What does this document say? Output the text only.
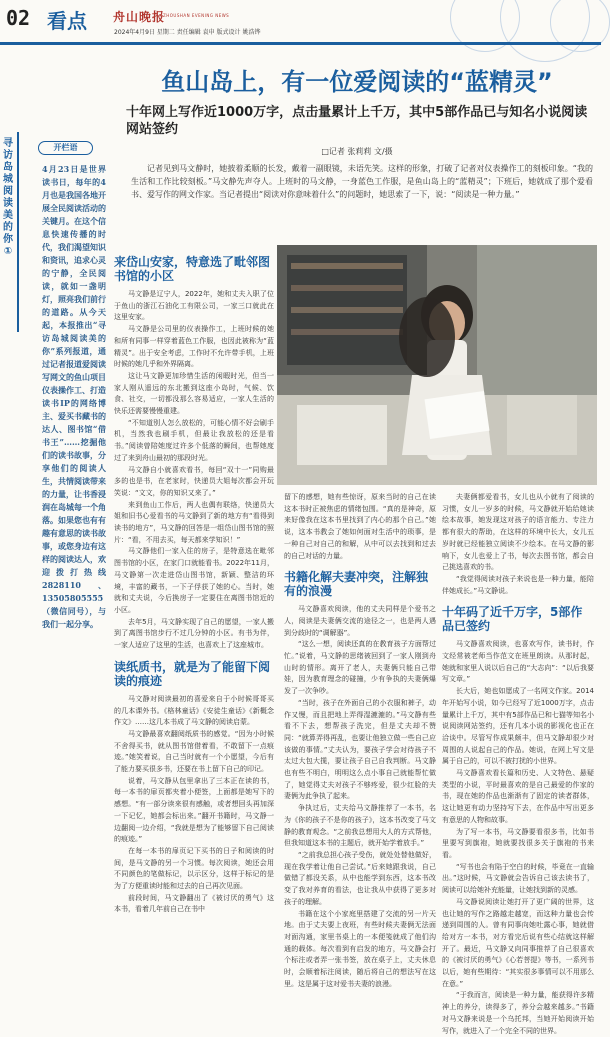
02 看点 舟山晚报
ZHOUSHAN EVENING NEWS
2024年4月9日 星期二 责任编辑 袁申 版式设计 姚浩铧
寻访岛城阅读美的你①
开栏语
4月23日是世界读书日，每年的4月也是我国各地开展全民阅读活动的关键月。在这个信息快速传播的时代，我们渴望知识和资讯，追求心灵的宁静，全民阅读，就如一盏明灯，照亮我们前行的道路。从今天起，本报推出“寻访岛城阅读美的你”系列报道，通过记者报道爱阅读写网文的鱼山项目仪表操作工、打造读书IP的网络博主、爱买书藏书的达人、图书馆“借书王”……挖掘他们的读书故事，分享他们的阅读人生，共情阅读带来的力量，让书香浸润在岛城每一个角落。如果您也有有趣有意思的读书故事，或您身边有这样的阅读达人，欢迎拨打热线2828110、13505805555（微信同号），与我们一起分享。
鱼山岛上，有一位爱阅读的“蓝精灵”
十年网上写作近1000万字，点击量累计上千万，其中5部作品已与知名小说阅读网站签约
□记者 张莉莉 文/摄
记者见到马文静时，她披着柔顺的长发，戴着一副眼镜，未语先笑。这样的形象，打破了记者对仪表操作工的刻板印象。“我的生活和工作比较刻板。”马文静先声夺人。上班时的马文静，一身蓝色工作服，是鱼山岛上的“蓝精灵”；下班后，她就成了那个爱看书、爱写作的网文作家。当记者提出“阅读对你意味着什么”的问题时，她思索了一下，说：“阅读是一种力量。”
来岱山安家，特意选了毗邻图书馆的小区

马文静是辽宁人，2022年，她和丈夫入职了位于鱼山的浙江石油化工有限公司，一家三口就此在这里安家。

马文静是公司里的仪表操作工，上班时候的她和所有同事一样穿着蓝色工作服，也因此被称为“蓝精灵”。出于安全考虑，工作时不允许带手机，上班时候的她几乎和外界隔离。

这让马文静更加珍惜生活的闲暇时光，但当一家人刚从遥远的东北搬到这座小岛时，气候、饮食、社交，一切都没那么容易适应，一家人生活的快乐还需要慢慢重建。

“不知道别人怎么放松的，可能心情不好会刷手机，当然我也刷手机，但最让我放松的还是看书。”阅读曾陪她度过许多个低落的瞬间，也帮她度过了来到舟山最初的那段时光。

马文静自小就喜欢看书，每回“双十一”同购最多的也是书，在老家时，快递员大姐每次都会开玩笑说：“文文，你的知识又来了。”

来到鱼山工作后，两人也偶有联络，快递员大姐和旧书心爱看书的马文静到了新的地方有“看得到读书的地方”，马文静的回答是一组岱山图书馆的照片：“看，不用去买，每天都来学知识！”

马文静他们一家入住的房子，是特意选在毗邻图书馆的小区，在家门口就能看书。2022年11月，马文静第一次走进岱山图书馆，新颖、整洁的环境，丰富的藏书，一下子俘获了她的心。当时，她就和丈夫说，今后换房子一定要住在离图书馆近的小区。

去年5月，马文静实现了自己的愿望，一家人搬到了离图书馆步行不过几分钟的小区。有书为伴，一家人适应了这里的生活，也喜欢上了这座城市。

读纸质书，就是为了能留下阅读的痕迹

马文静对阅读最初的喜爱来自于小时候哥哥买的几本课外书。《格林童话》《安徒生童话》《新概念作文》……这几本书成了马文静的阅读启蒙。

马文静最喜欢翻阅纸质书的感觉。“因为小时候不舍得买书，就从图书馆借着看，不敢留下一点痕迹。”她笑着说，自己当时就有一个小愿望，今后有了能力要买很多书，还要在书上留下自己的印记。

说着，马文静从包里拿出了三本正在读的书，每一本书的扉页都夹着小便签，上面都是她写下的感想。“有一部分读来很有感触，或者想回头再加深一下记忆，她都会标出来。”翻开书籍时，马文静一边翻阅一边介绍，“我就是想为了能够留下自己阅读的痕迹。”

在每一本书的扉页记下买书的日子和阅读的时间，是马文静的另一个习惯。每次阅读，她还会用不同颜色的笔做标记，以示区分，这样于标记的是为了方便重读时能和过去的自己再次见面。

前段时间，马文静翻出了《被讨厌的勇气》这本书，看着几年前自己在书中

留下的感想，她有些惊讶，原来当时的自己在读这本书时正被焦虑的情绪包围。“真的是神奇，原来好像我在这本书里找到了内心的那个自己。”她说，这本书教会了她如何面对生活中的琐事，是一种自己对自己的和解，从中可以去找到和过去的自己对话的力量。

书籍化解夫妻冲突，注解独有的浪漫

马文静喜欢阅读，他的丈夫同样是个爱书之人，阅读是夫妻俩交流的途径之一，也是两人遇到分歧时的“调解器”。

“这么一想，阅读还真的在教育孩子方面帮过忙。”说着，马文静的思绪被回到了一家人刚到舟山时的情形。离开了老人，夫妻俩只能自己带娃，因为教育理念的碰撞，少有争执的夫妻俩爆发了一次争吵。

“当时，孩子在外面自己的小衣服和裤子，动作又慢，而且把地上弄得湿漉漉的。”马文静有些看不下去，想帮孩子洗完，但是丈夫却不赞同：“就算弄得再乱，也要让他独立做一些自己应该做的事情。”丈夫认为，要孩子学会对待孩子不太过大包大揽，要让孩子自己自我判断。马文静也有些不明白，明明这么点小事自己就能帮忙做了，她觉得丈夫对孩子不够疼爱，很少红脸的夫妻俩为此争执了起来。

争执过后，丈夫给马文静推荐了一本书，名为《你的孩子不是你的孩子》，这本书改变了马文静的教育观念。“之前我总想用大人的方式帮他，但我知道这本书的主题后，就开始学着放手。”

“之前我总担心孩子受伤，就处处替他做好，现在我学着让他自己尝试。”后来她跟我说，自己做错了都没关系，从中也能学到东西，这本书改变了我对养育的看法，也让我从中获得了更多对孩子的理解。

书籍在这个小家庭里搭建了交流的另一片天地。由于丈夫要上夜班，有些时候夫妻俩无法面对面沟通，家里书桌上的一本便笺就成了他们沟通的载体。每次看到有启发的地方，马文静会打个标注或者弄一张书签，放在桌子上，丈夫休息时，会顺着标注阅读，随后将自己的想法写在这里。这是属于这对爱书夫妻的浪漫。

夫妻俩都爱看书，女儿也从小就有了阅读的习惯，女儿一岁多的时候，马文静就开始给她读绘本故事，她发现这对孩子的语言能力、专注力都有很大的帮助，在这样的环境中长大，女儿五岁时就已经能独立阅读不少绘本。在马文静的影响下，女儿也爱上了书，每次去图书馆，都会自己挑选喜欢的书。

“我觉得阅读对孩子来说也是一种力量，能陪伴她成长。”马文静说。

十年码了近千万字，5部作品已签约

马文静喜欢阅读，也喜欢写作，读书时，作文经常被老师当作范文在班里朗读。从那时起，她就和家里人说以后自己的“大志向”：“以后我要写文章。”

长大后，她也如愿成了一名网文作家。2014年开始写小说，如今已经写了近1000万字，点击量累计上千万，其中有5部作品已和七猫等知名小说阅读网站签约，还有几本小说的影视化也正在洽谈中。尽管写作成果颇丰，但马文静却很少对周围的人说起自己的作品。她说，在网上写文是属于自己的，可以不被打扰的小世界。

马文静喜欢看长篇和历史、人文特色、悬疑类型的小说，平时最喜欢的是自己最爱的作家的书，现在她的作品也渐渐有了固定的读者群体，这让她更有动力坚持写下去，在作品中写出更多有意思的人物和故事。

为了写一本书，马文静要看很多书，比如书里要写到旗袍，她就要找很多关于旗袍的书来看。

“写书也会有陷于空白的时候，毕竟在一直输出。”这时候，马文静就会告诉自己该去读书了，阅读可以给她补充能量，让她找到新的灵感。

马文静说阅读让她打开了更广阔的世界，这也让她的写作之路越走越宽，而这种力量也会传递到周围的人。曾有同事向她吐露心事，她就借给对方一本书，对方看完后说有些心结就这样解开了。最近，马文静又向同事推荐了自己很喜欢的《被讨厌的勇气》《心若菩提》等书，一系列书以后，她有些期待：“其实很多事情可以不用那么在意。”

“于我而言，阅读是一种力量，能获得许多精神上的养分，读得多了，养分会越来越多。”书籍对马文静来说是一个乌托邦，当她开始阅读开始写作，就进入了一个完全不同的世界。
